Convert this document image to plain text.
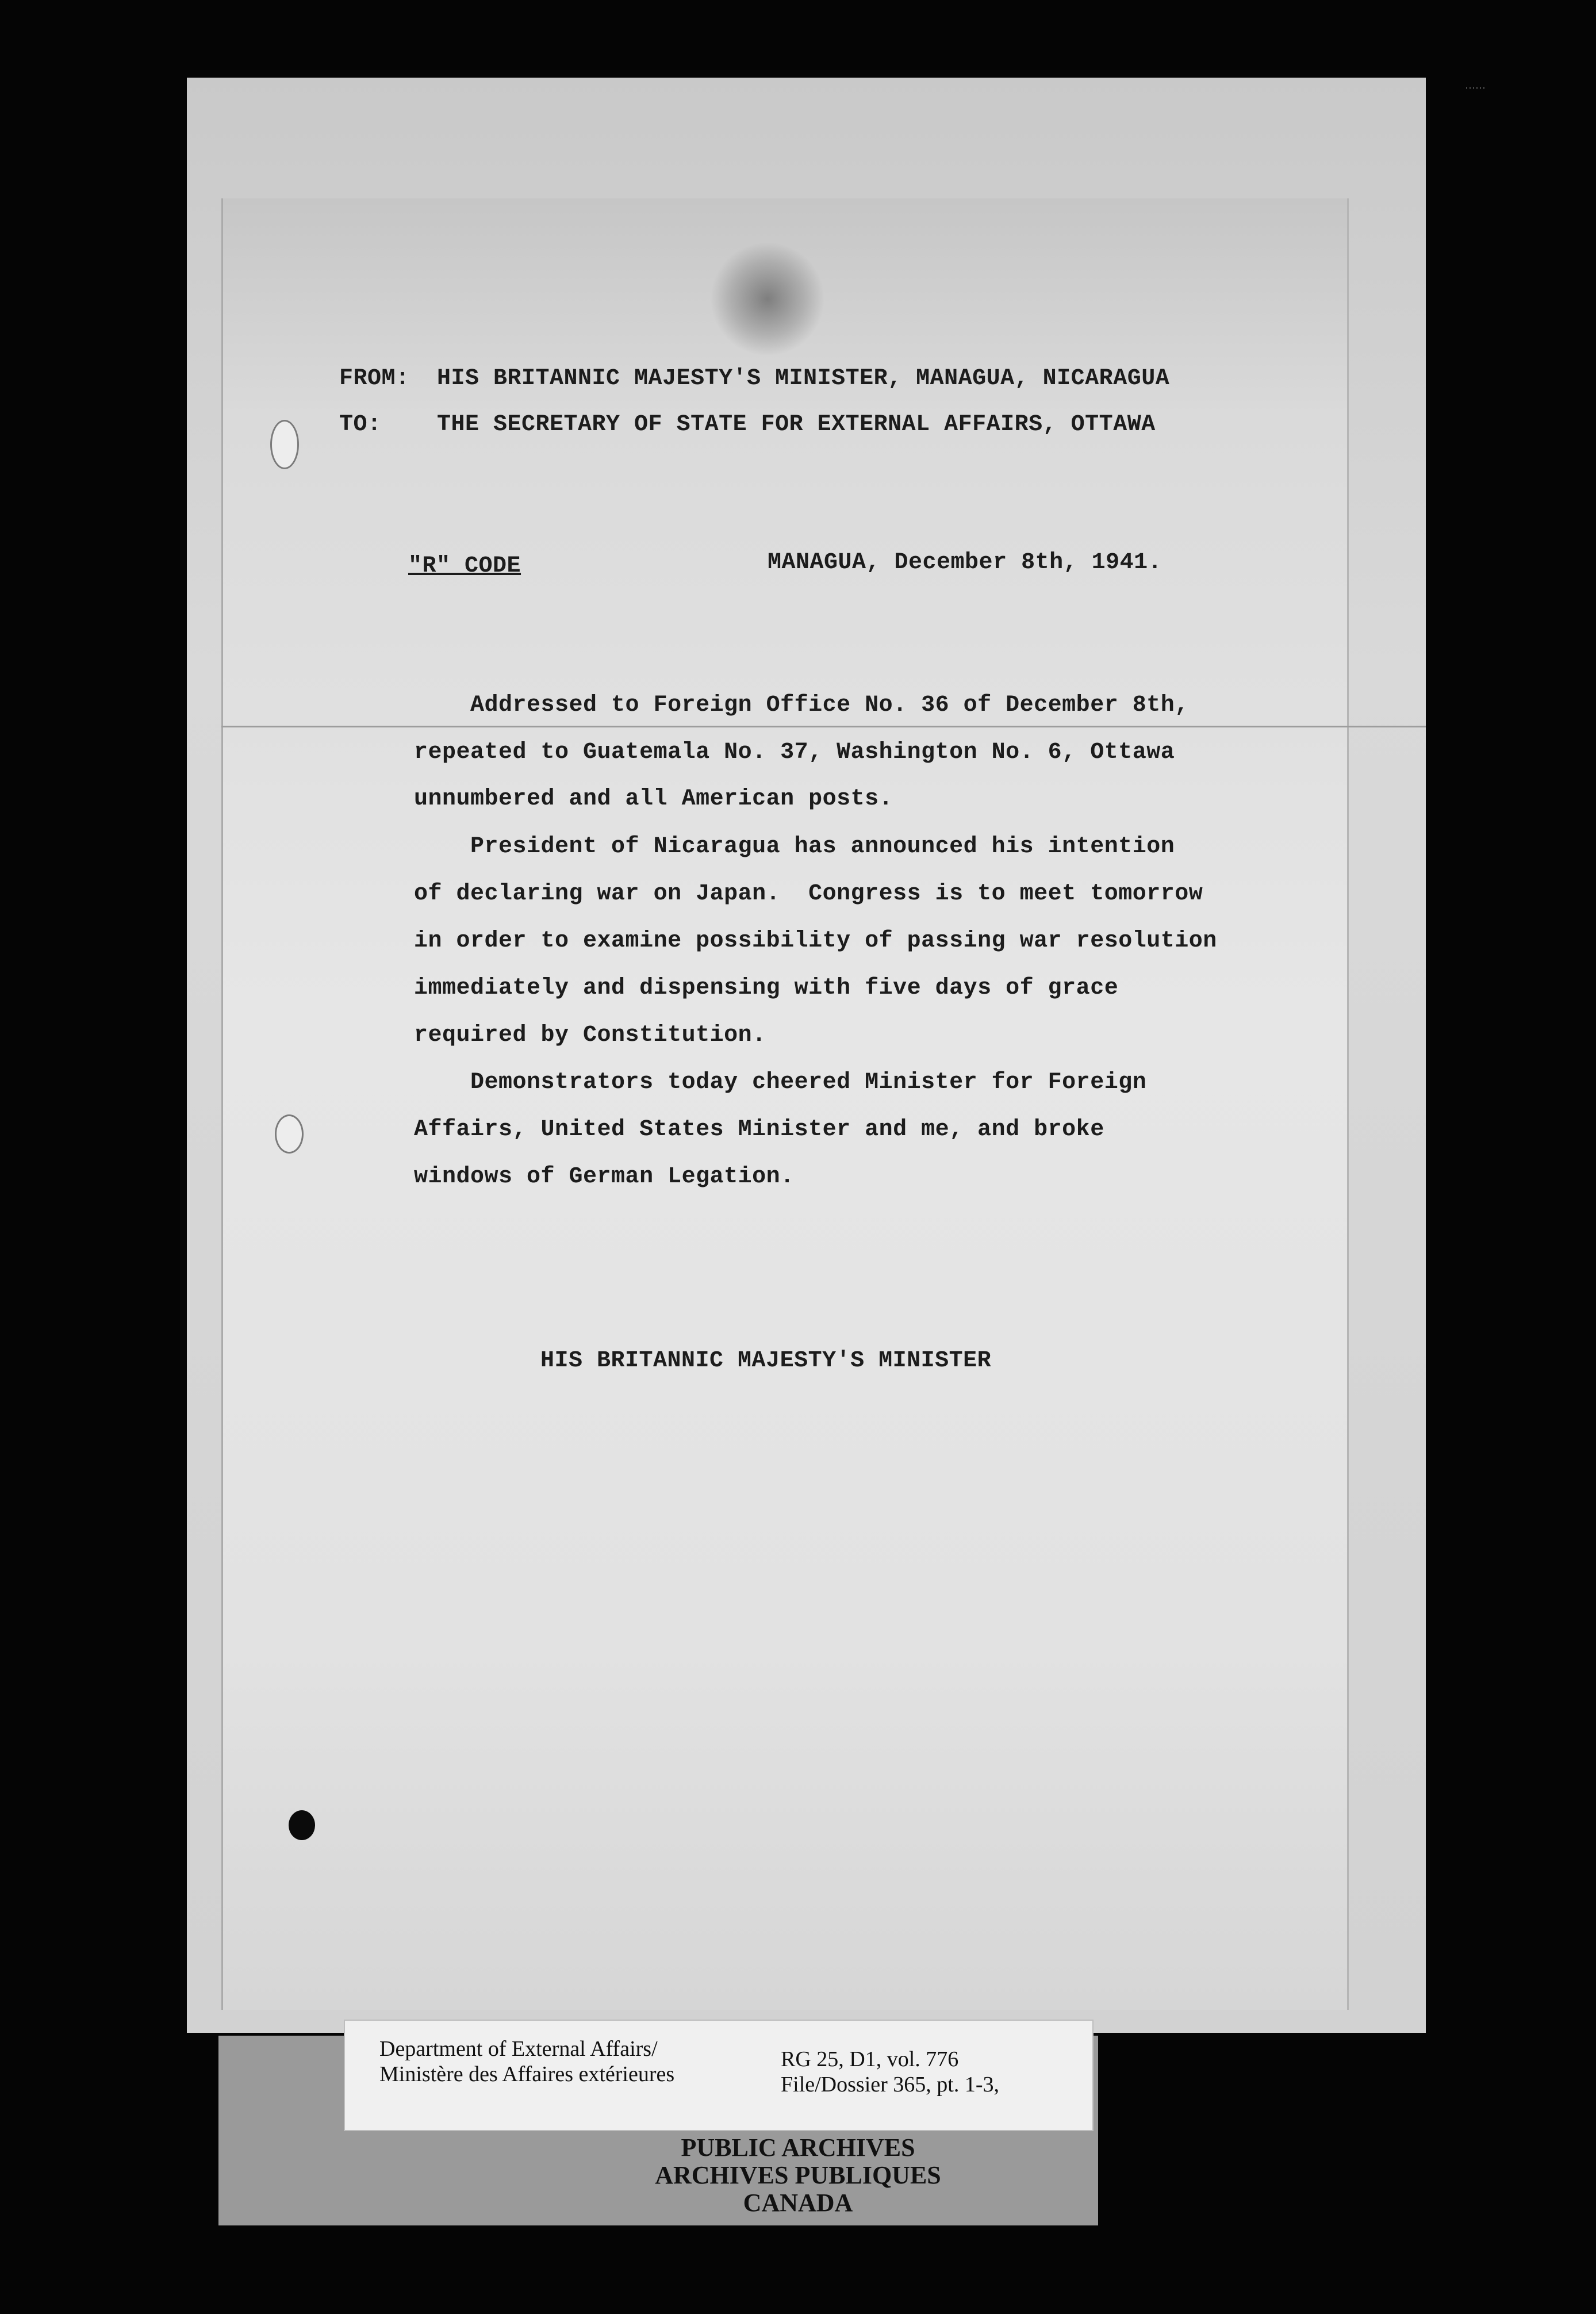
FROM: HIS BRITANNIC MAJESTY'S MINISTER, MANAGUA, NICARAGUA

TO: THE SECRETARY OF STATE FOR EXTERNAL AFFAIRS, OTTAWA

"R" CODE	MANAGUA, December 8th, 1941.

Addressed to Foreign Office No. 36 of December 8th,

repeated to Guatemala No. 37, Washington No. 6, Ottawa

unnumbered and all American posts.

President of Nicaragua has announced his intention

of declaring war on Japan.  Congress is to meet tomorrow

in order to examine possibility of passing war resolution

immediately and dispensing with five days of grace

required by Constitution.

Demonstrators today cheered Minister for Foreign

Affairs, United States Minister and me, and broke

windows of German Legation.

HIS BRITANNIC MAJESTY'S MINISTER

Department of External Affairs/

Ministère des Affaires extérieures

RG 25, D1, vol. 776

File/Dossier 365, pt. 1-3,

PUBLIC ARCHIVES

ARCHIVES PUBLIQUES

CANADA

······
